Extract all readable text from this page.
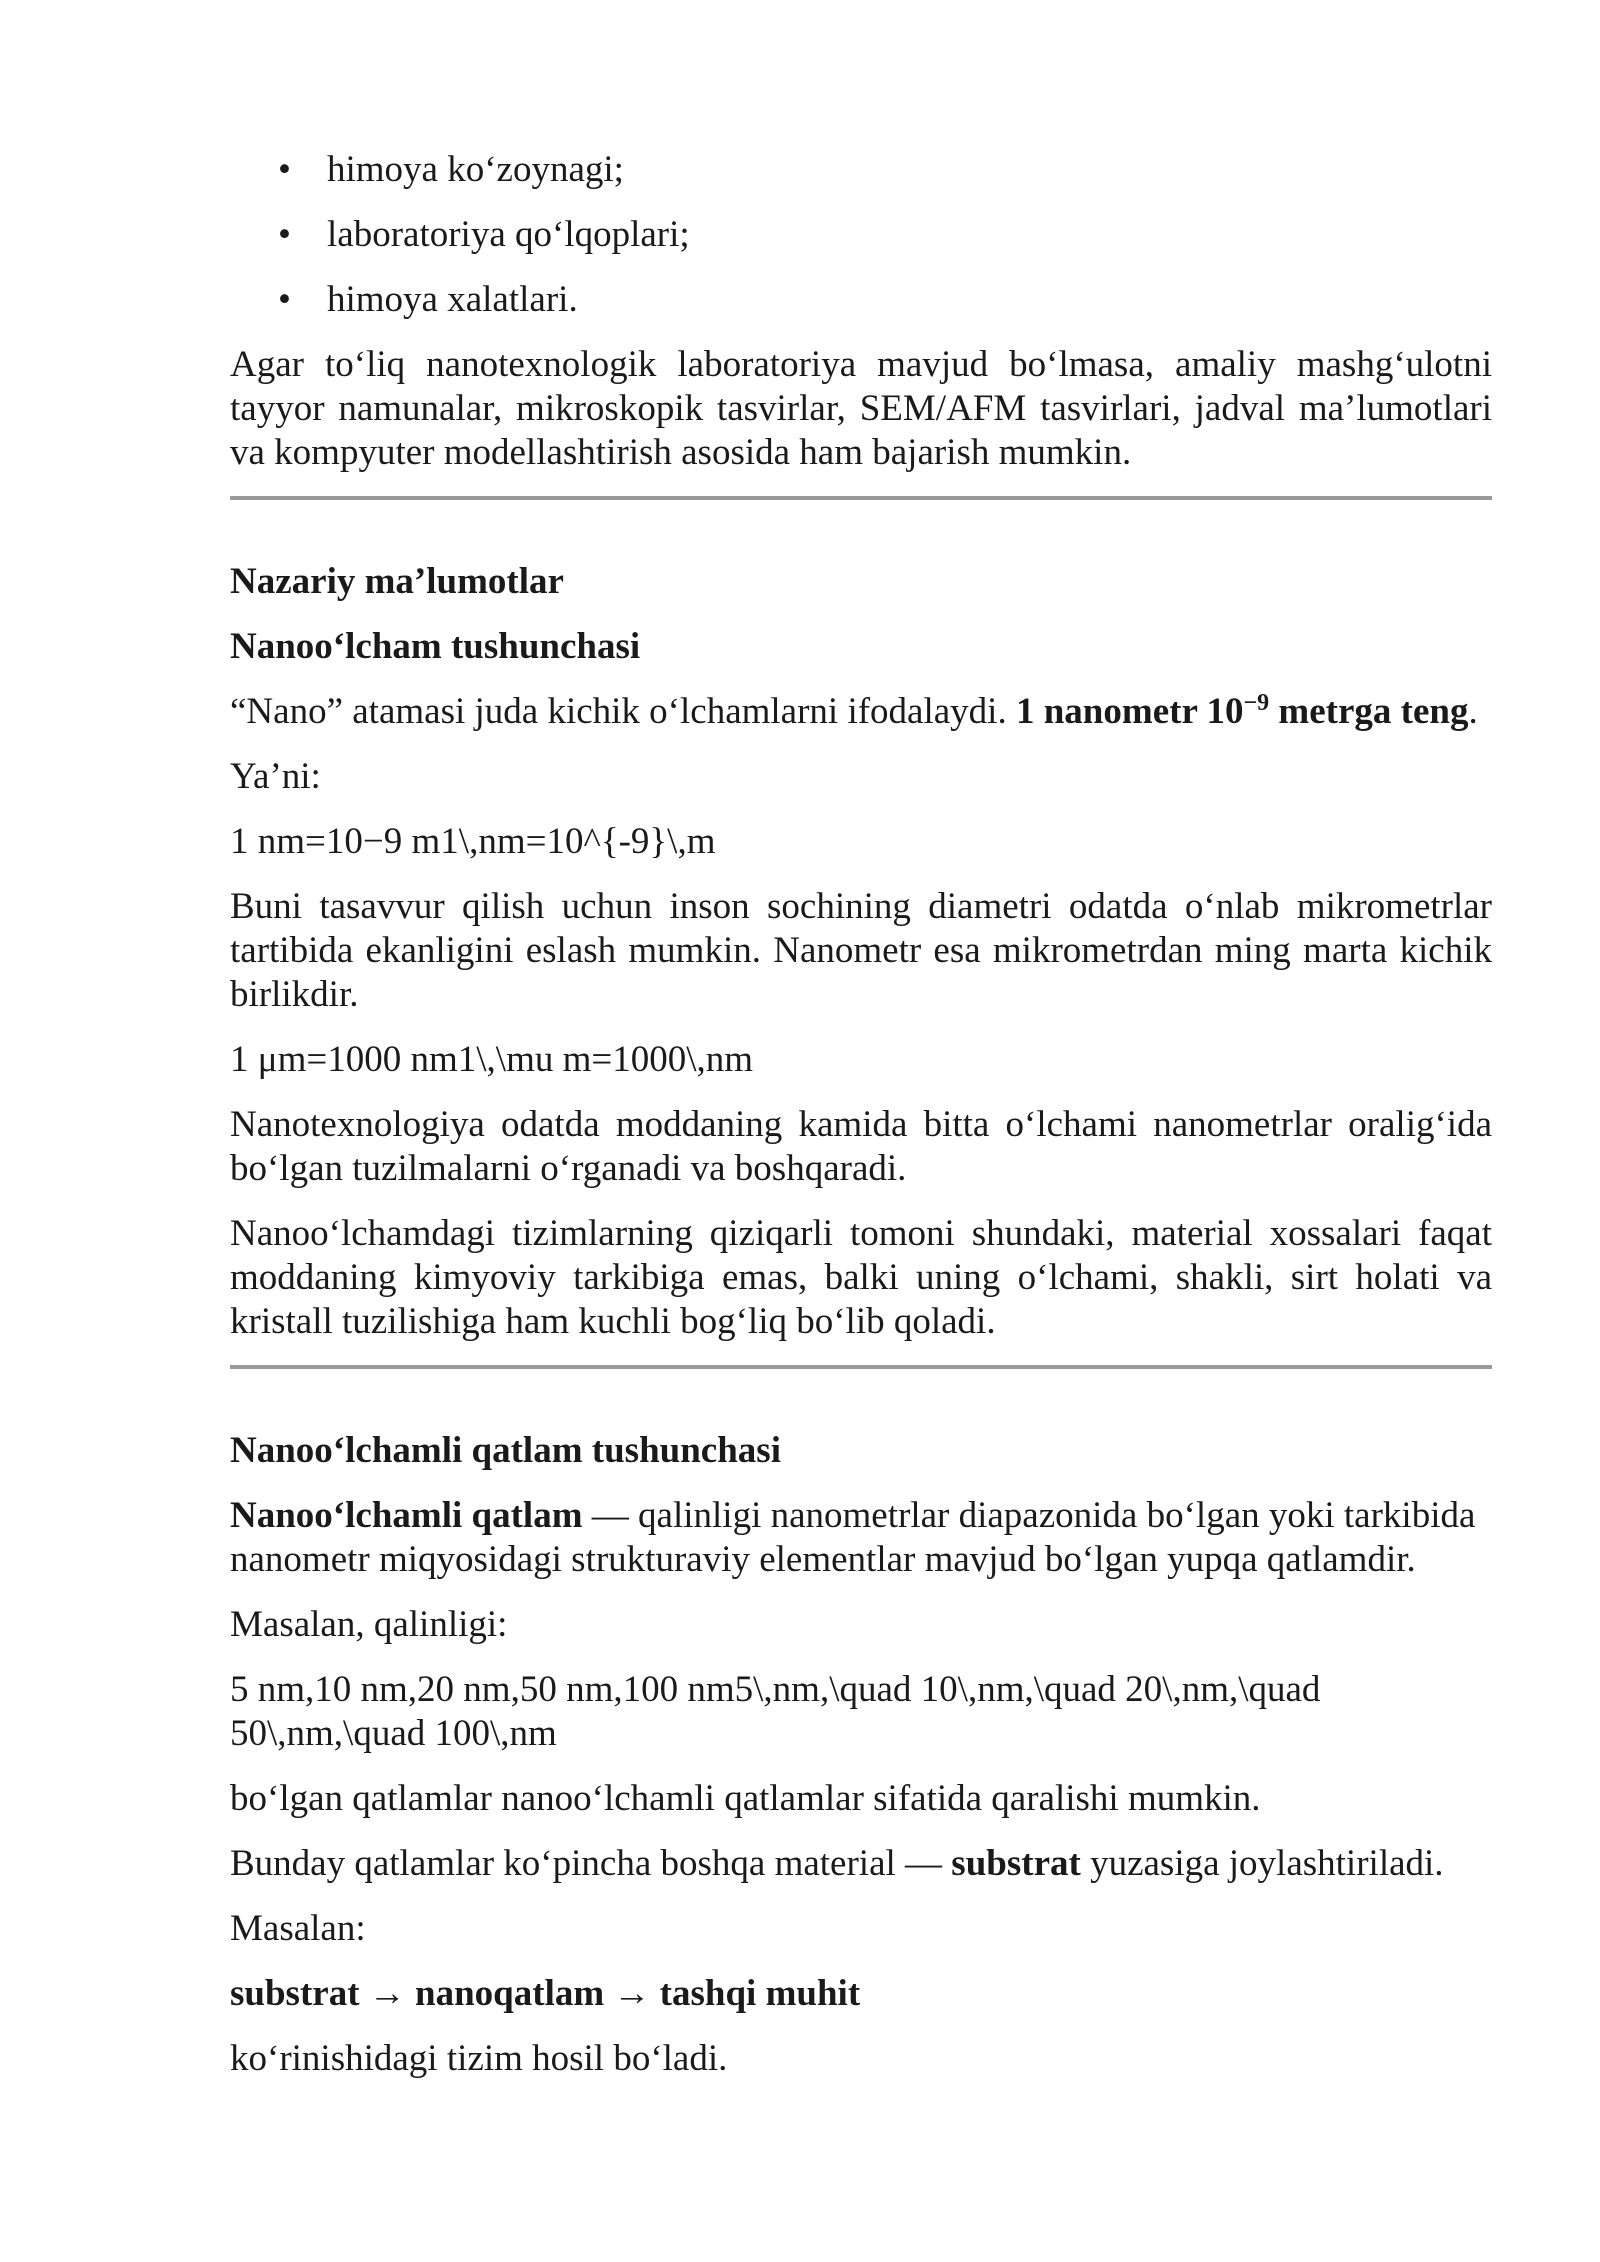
• himoya ko‘zoynagi;
• laboratoriya qo‘lqoplari;
• himoya xalatlari.

Agar to‘liq nanotexnologik laboratoriya mavjud bo‘lmasa, amaliy mashg‘ulotni tayyor namunalar, mikroskopik tasvirlar, SEM/AFM tasvirlari, jadval ma’lumotlari va kompyuter modellashtirish asosida ham bajarish mumkin.

Nazariy ma’lumotlar
Nanoo‘lcham tushunchasi

“Nano” atamasi juda kichik o‘lchamlarni ifodalaydi. 1 nanometr $10^{-9}$ metrga teng.

Ya’ni:

1 nm=10−9 m1\,nm=10^{-9}\,m

Buni tasavvur qilish uchun inson sochining diametri odatda o‘nlab mikrometrlar tartibida ekanligini eslash mumkin. Nanometr esa mikrometrdan ming marta kichik birlikdir.

1 μm=1000 nm1\,\mu m=1000\,nm

Nanotexnologiya odatda moddaning kamida bitta o‘lchami nanometrlar oralig‘ida bo‘lgan tuzilmalarni o‘rganadi va boshqaradi.

Nanoo‘lchamdagi tizimlarning qiziqarli tomoni shundaki, material xossalari faqat moddaning kimyoviy tarkibiga emas, balki uning o‘lchami, shakli, sirt holati va kristall tuzilishiga ham kuchli bog‘liq bo‘lib qoladi.

Nanoo‘lchamli qatlam tushunchasi

Nanoo‘lchamli qatlam — qalinligi nanometrlar diapazonida bo‘lgan yoki tarkibida nanometr miqyosidagi strukturaviy elementlar mavjud bo‘lgan yupqa qatlamdir.

Masalan, qalinligi:

5 nm,10 nm,20 nm,50 nm,100 nm5\,nm,\quad 10\,nm,\quad 20\,nm,\quad 50\,nm,\quad 100\,nm

bo‘lgan qatlamlar nanoo‘lchamli qatlamlar sifatida qaralishi mumkin.

Bunday qatlamlar ko‘pincha boshqa material — substrat yuzasiga joylashtiriladi.

Masalan:

substrat → nanoqatlam → tashqi muhit

ko‘rinishidagi tizim hosil bo‘ladi.
